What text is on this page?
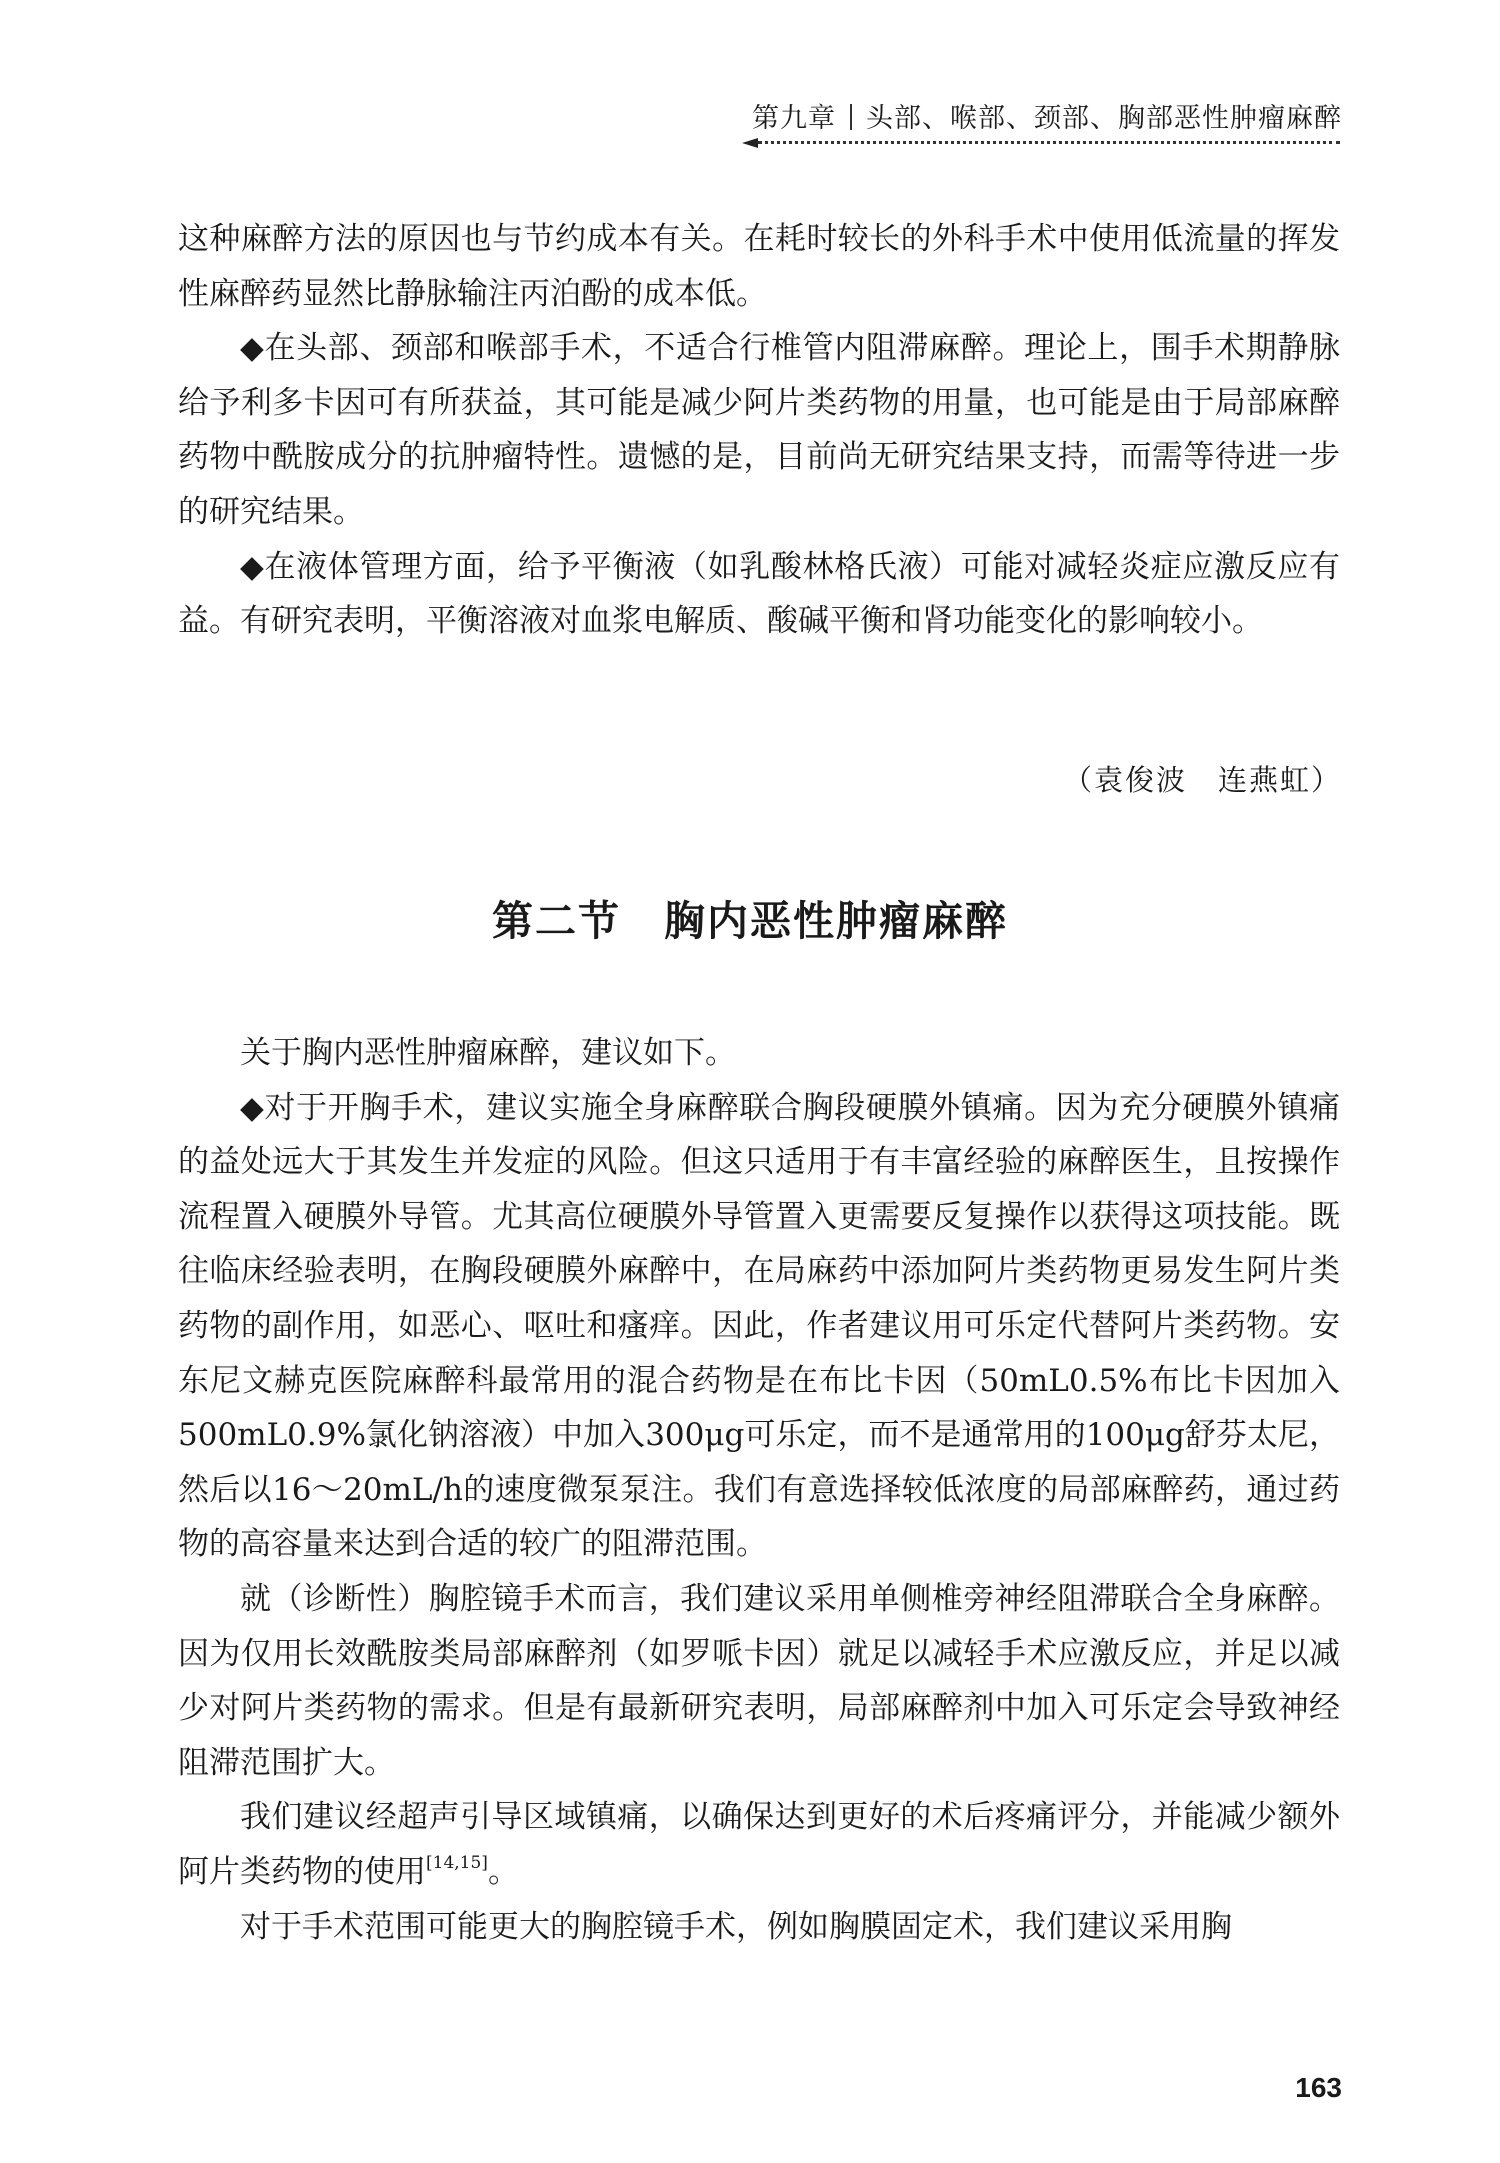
第九章 头部、喉部、颈部、胸部恶性肿瘤麻醉

这种麻醉方法的原因也与节约成本有关。在耗时较长的外科手术中使用低流量的挥发性麻醉药显然比静脉输注丙泊酚的成本低。

◆在头部、颈部和喉部手术，不适合行椎管内阻滞麻醉。理论上，围手术期静脉给予利多卡因可有所获益，其可能是减少阿片类药物的用量，也可能是由于局部麻醉药物中酰胺成分的抗肿瘤特性。遗憾的是，目前尚无研究结果支持，而需等待进一步的研究结果。

◆在液体管理方面，给予平衡液（如乳酸林格氏液）可能对减轻炎症应激反应有益。有研究表明，平衡溶液对血浆电解质、酸碱平衡和肾功能变化的影响较小。

（袁俊波　连燕虹）
第二节　胸内恶性肿瘤麻醉

关于胸内恶性肿瘤麻醉，建议如下。

◆对于开胸手术，建议实施全身麻醉联合胸段硬膜外镇痛。因为充分硬膜外镇痛的益处远大于其发生并发症的风险。但这只适用于有丰富经验的麻醉医生，且按操作流程置入硬膜外导管。尤其高位硬膜外导管置入更需要反复操作以获得这项技能。既往临床经验表明，在胸段硬膜外麻醉中，在局麻药中添加阿片类药物更易发生阿片类药物的副作用，如恶心、呕吐和瘙痒。因此，作者建议用可乐定代替阿片类药物。安东尼文赫克医院麻醉科最常用的混合药物是在布比卡因（50mL0.5%布比卡因加入500mL0.9%氯化钠溶液）中加入300μg可乐定，而不是通常用的100μg舒芬太尼，然后以16～20mL/h的速度微泵泵注。我们有意选择较低浓度的局部麻醉药，通过药物的高容量来达到合适的较广的阻滞范围。

就（诊断性）胸腔镜手术而言，我们建议采用单侧椎旁神经阻滞联合全身麻醉。因为仅用长效酰胺类局部麻醉剂（如罗哌卡因）就足以减轻手术应激反应，并足以减少对阿片类药物的需求。但是有最新研究表明，局部麻醉剂中加入可乐定会导致神经阻滞范围扩大。

我们建议经超声引导区域镇痛，以确保达到更好的术后疼痛评分，并能减少额外阿片类药物的使用[14,15]。

对于手术范围可能更大的胸腔镜手术，例如胸膜固定术，我们建议采用胸

163
